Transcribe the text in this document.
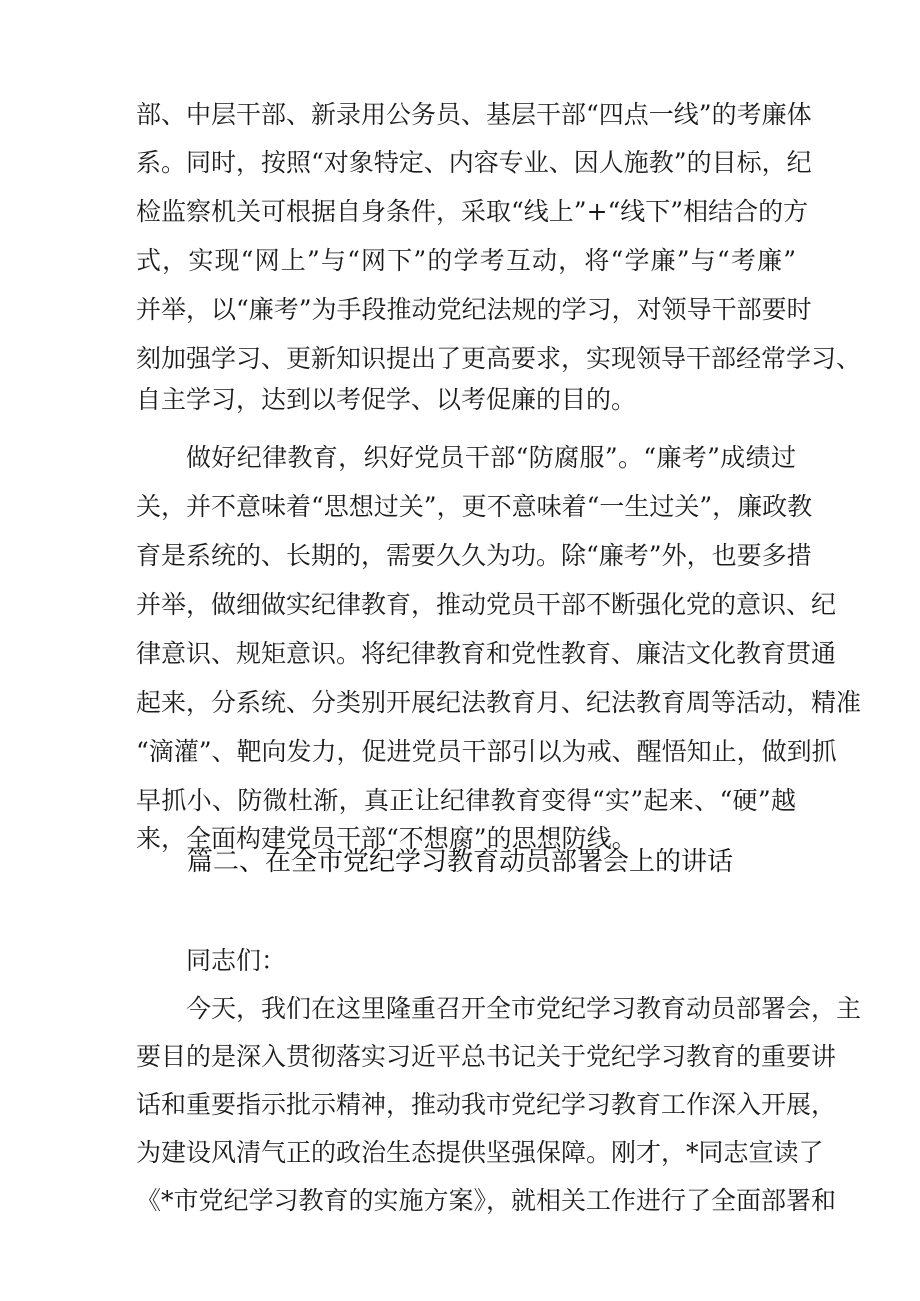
部、中层干部、新录用公务员、基层干部“四点一线”的考廉体
系。同时，按照“对象特定、内容专业、因人施教”的目标，纪
检监察机关可根据自身条件，采取“线上”+“线下”相结合的方
式，实现“网上”与“网下”的学考互动，将“学廉”与“考廉”
并举，以“廉考”为手段推动党纪法规的学习，对领导干部要时
刻加强学习、更新知识提出了更高要求，实现领导干部经常学习、
自主学习，达到以考促学、以考促廉的目的。
做好纪律教育，织好党员干部“防腐服”。“廉考”成绩过
关，并不意味着“思想过关”，更不意味着“一生过关”，廉政教
育是系统的、长期的，需要久久为功。除“廉考”外，也要多措
并举，做细做实纪律教育，推动党员干部不断强化党的意识、纪
律意识、规矩意识。将纪律教育和党性教育、廉洁文化教育贯通
起来，分系统、分类别开展纪法教育月、纪法教育周等活动，精准
“滴灌”、靶向发力，促进党员干部引以为戒、醒悟知止，做到抓
早抓小、防微杜渐，真正让纪律教育变得“实”起来、“硬”越
来，全面构建党员干部“不想腐”的思想防线。
篇二、在全市党纪学习教育动员部署会上的讲话
同志们：
今天，我们在这里隆重召开全市党纪学习教育动员部署会，主
要目的是深入贯彻落实习近平总书记关于党纪学习教育的重要讲
话和重要指示批示精神，推动我市党纪学习教育工作深入开展，
为建设风清气正的政治生态提供坚强保障。刚才，*同志宣读了
《*市党纪学习教育的实施方案》，就相关工作进行了全面部署和
